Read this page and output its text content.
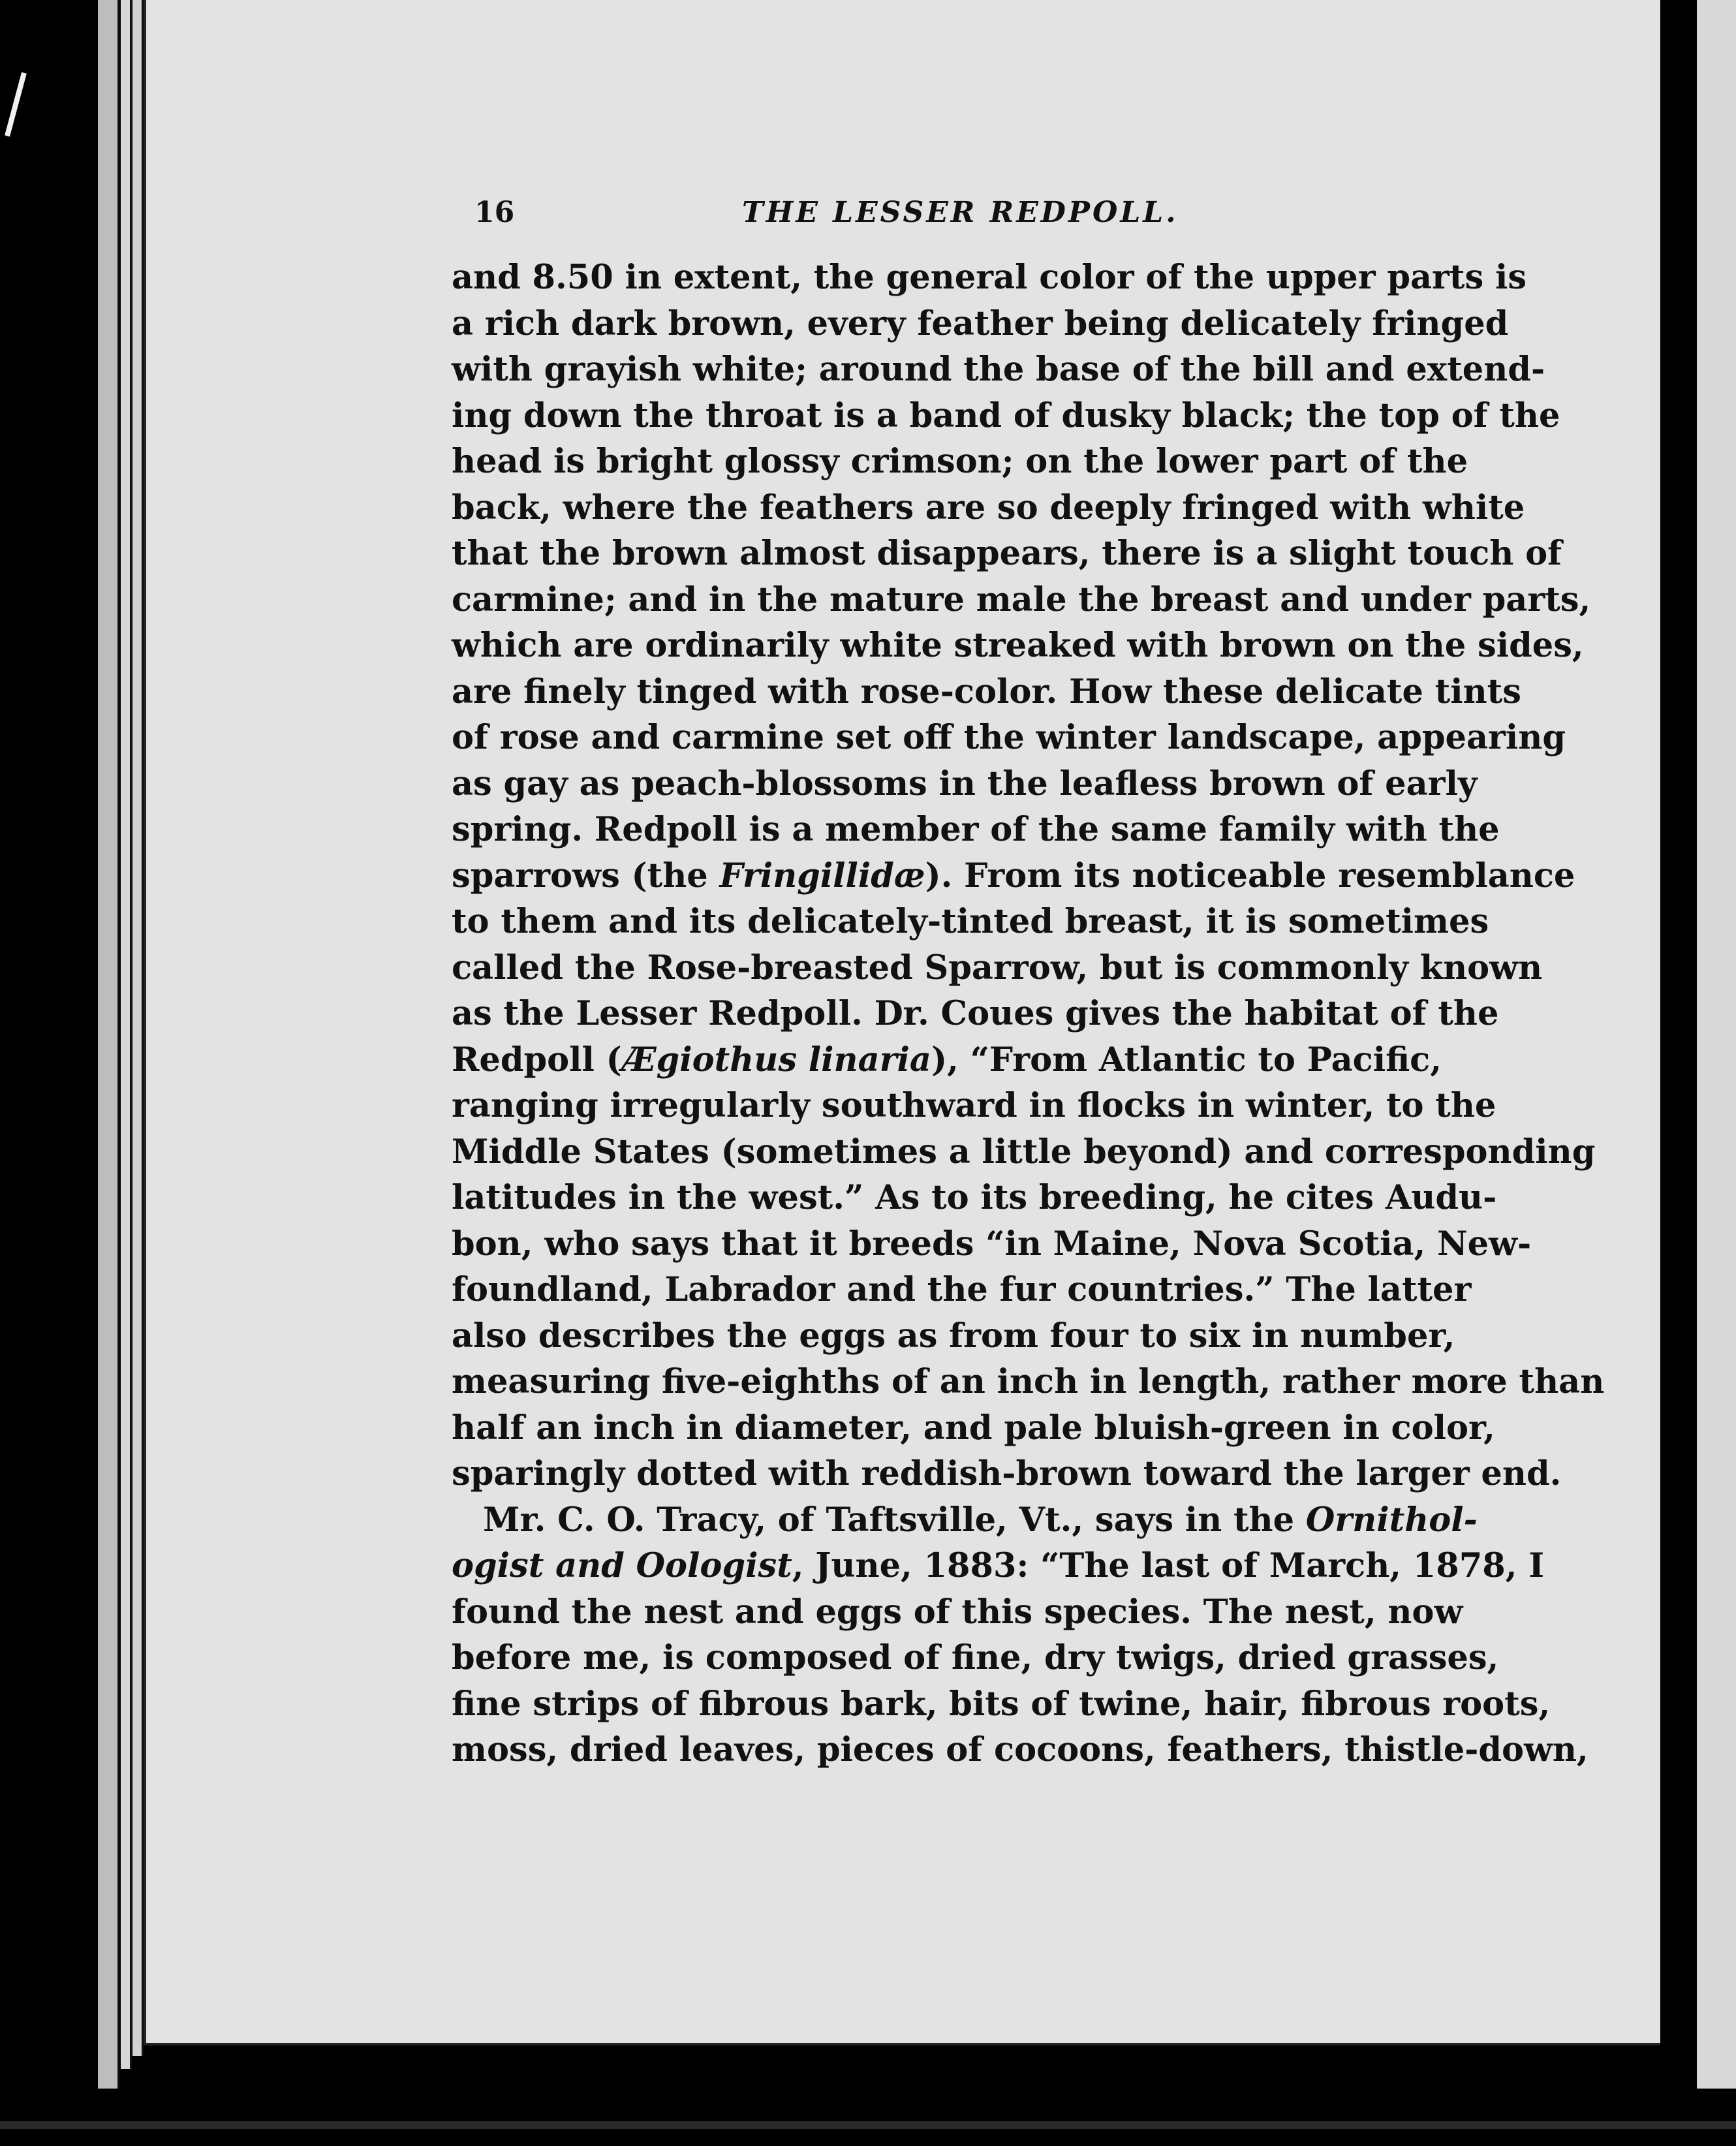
16	THE LESSER REDPOLL.
and 8.50 in extent, the general color of the upper parts is
a rich dark brown, every feather being delicately fringed
with grayish white; around the base of the bill and extend-
ing down the throat is a band of dusky black; the top of the
head is bright glossy crimson; on the lower part of the
back, where the feathers are so deeply fringed with white
that the brown almost disappears, there is a slight touch of
carmine; and in the mature male the breast and under parts,
which are ordinarily white streaked with brown on the sides,
are finely tinged with rose-color. How these delicate tints
of rose and carmine set off the winter landscape, appearing
as gay as peach-blossoms in the leafless brown of early
spring. Redpoll is a member of the same family with the
sparrows (the Fringillidæ). From its noticeable resemblance
to them and its delicately-tinted breast, it is sometimes
called the Rose-breasted Sparrow, but is commonly known
as the Lesser Redpoll. Dr. Coues gives the habitat of the
Redpoll (Ægiothus linaria), “From Atlantic to Pacific,
ranging irregularly southward in flocks in winter, to the
Middle States (sometimes a little beyond) and corresponding
latitudes in the west.” As to its breeding, he cites Audu-
bon, who says that it breeds “in Maine, Nova Scotia, New-
foundland, Labrador and the fur countries.” The latter
also describes the eggs as from four to six in number,
measuring five-eighths of an inch in length, rather more than
half an inch in diameter, and pale bluish-green in color,
sparingly dotted with reddish-brown toward the larger end.
Mr. C. O. Tracy, of Taftsville, Vt., says in the Ornithol-
ogist and Oologist, June, 1883: “The last of March, 1878, I
found the nest and eggs of this species. The nest, now
before me, is composed of fine, dry twigs, dried grasses,
fine strips of fibrous bark, bits of twine, hair, fibrous roots,
moss, dried leaves, pieces of cocoons, feathers, thistle-down,
